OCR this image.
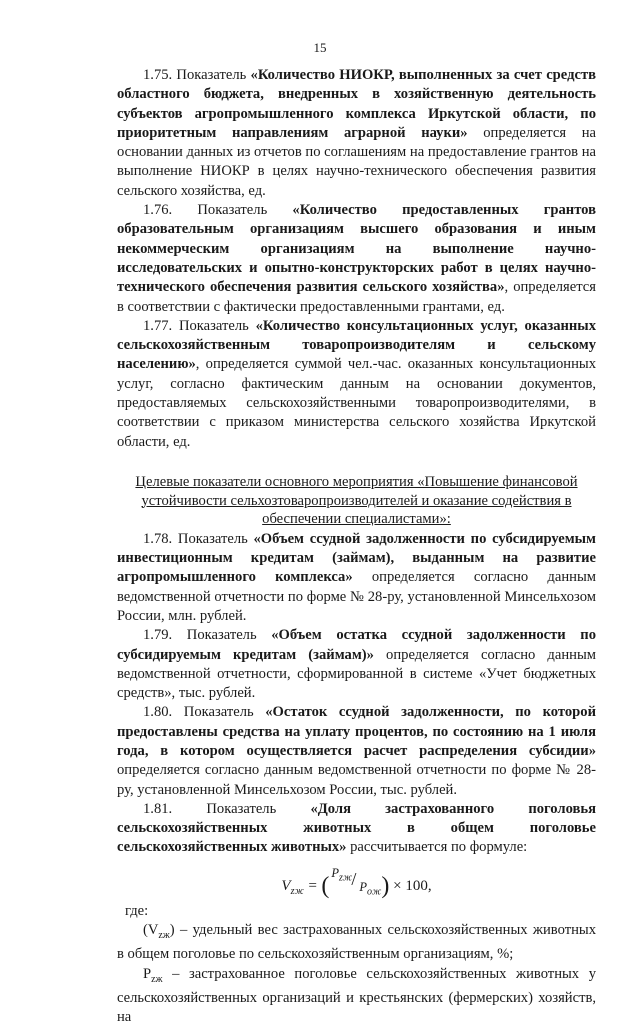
15

1.75. Показатель «Количество НИОКР, выполненных за счет средств областного бюджета, внедренных в хозяйственную деятельность субъектов агропромышленного комплекса Иркутской области, по приоритетным направлениям аграрной науки» определяется на основании данных из отчетов по соглашениям на предоставление грантов на выполнение НИОКР в целях научно-технического обеспечения развития сельского хозяйства, ед.

1.76. Показатель «Количество предоставленных грантов образовательным организациям высшего образования и иным некоммерческим организациям на выполнение научно-исследовательских и опытно-конструкторских работ в целях научно-технического обеспечения развития сельского хозяйства», определяется в соответствии с фактически предоставленными грантами, ед.

1.77. Показатель «Количество консультационных услуг, оказанных сельскохозяйственным товаропроизводителям и сельскому населению», определяется суммой чел.-час. оказанных консультационных услуг, согласно фактическим данным на основании документов, предоставляемых сельскохозяйственными товаропроизводителями, в соответствии с приказом министерства сельского хозяйства Иркутской области, ед.

Целевые показатели основного мероприятия «Повышение финансовой
устойчивости сельхозтоваропроизводителей и оказание содействия в
обеспечении специалистами»:

1.78. Показатель «Объем ссудной задолженности по субсидируемым инвестиционным кредитам (займам), выданным на развитие агропромышленного комплекса» определяется согласно данным ведомственной отчетности по форме № 28-ру, установленной Минсельхозом России, млн. рублей.

1.79. Показатель «Объем остатка ссудной задолженности по субсидируемым кредитам (займам)» определяется согласно данным ведомственной отчетности, сформированной в системе «Учет бюджетных средств», тыс. рублей.

1.80. Показатель «Остаток ссудной задолженности, по которой предоставлены средства на уплату процентов, по состоянию на 1 июля года, в котором осуществляется расчет распределения субсидии» определяется согласно данным ведомственной отчетности по форме № 28-ру, установленной Минсельхозом России, тыс. рублей.

1.81. Показатель «Доля застрахованного поголовья сельскохозяйственных животных в общем поголовье сельскохозяйственных животных» рассчитывается по формуле:

$V_{zж}$ = ( $P_{zж} / P_{oж}$ ) × 100,

где:

$(V_{zж})$ – удельный вес застрахованных сельскохозяйственных животных в общем поголовье по сельскохозяйственным организациям, %;

$P_{zж}$ – застрахованное поголовье сельскохозяйственных животных у сельскохозяйственных организаций и крестьянских (фермерских) хозяйств, на
